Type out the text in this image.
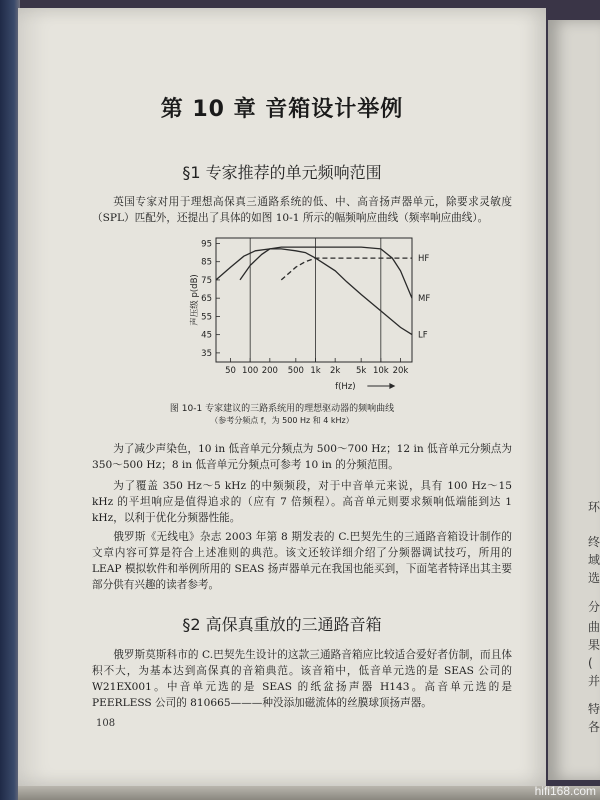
第 10 章 音箱设计举例
§1 专家推荐的单元频响范围

英国专家对用于理想高保真三通路系统的低、中、高音扬声器单元，除要求灵敏度（SPL）匹配外，还提出了具体的如图 10-1 所示的幅频响应曲线（频率响应曲线）。

35
45
55
65
75
85
95
50 100 200 500 1k 2k 5k 10k 20k
声压级 p(dB)
f(Hz)
LF
MF
HF
图 10-1 专家建议的三路系统用的理想驱动器的频响曲线
（参考分频点 f，为 500 Hz 和 4 kHz）

为了减少声染色，10 in 低音单元分频点为 500～700 Hz；12 in 低音单元分频点为 350～500 Hz；8 in 低音单元分频点可参考 10 in 的分频范围。

为了覆盖 350 Hz～5 kHz 的中频频段，对于中音单元来说，具有 100 Hz～15 kHz 的平坦响应是值得追求的（应有 7 倍频程）。高音单元则要求频响低端能到达 1 kHz，以利于优化分频器性能。

俄罗斯《无线电》杂志 2003 年第 8 期发表的 C.巴契先生的三通路音箱设计制作的文章内容可算是符合上述准则的典范。该文还较详细介绍了分频器调试技巧，所用的 LEAP 模拟软件和举例所用的 SEAS 扬声器单元在我国也能买到，下面笔者特译出其主要部分供有兴趣的读者参考。

§2 高保真重放的三通路音箱

俄罗斯莫斯科市的 C.巴契先生设计的这款三通路音箱应比较适合爱好者仿制，而且体积不大，为基本达到高保真的音箱典范。该音箱中，低音单元选的是 SEAS 公司的 W21EX001。中音单元选的是 SEAS 的纸盆扬声器 H143。高音单元选的是 PEERLESS 公司的 810665———种没添加磁流体的丝膜球顶扬声器。

108
环
终
域
选
分
曲
果
(
并
特
各
hifi168.com
